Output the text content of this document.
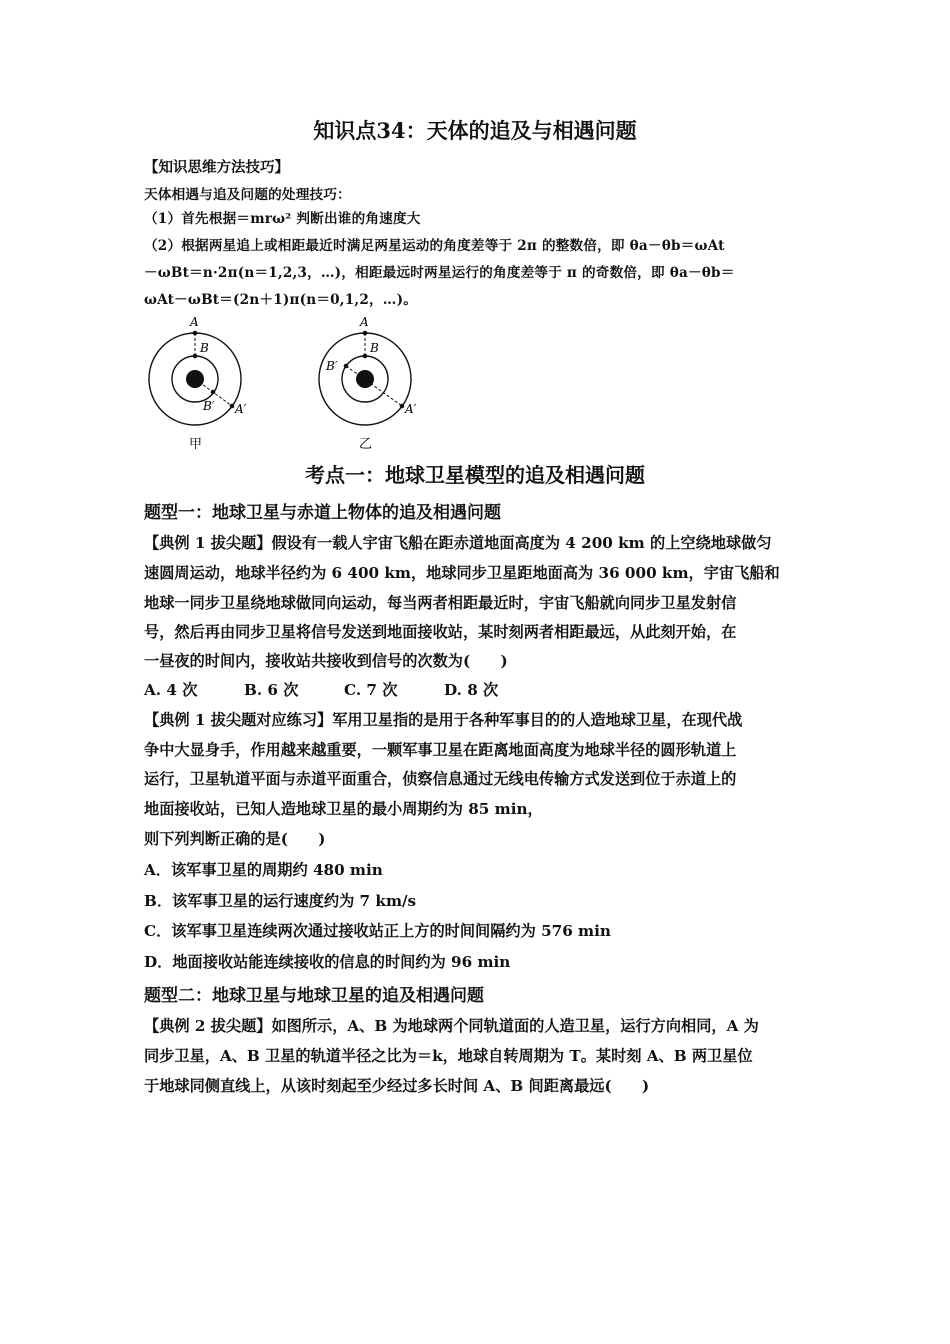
知识点34：天体的追及与相遇问题
【知识思维方法技巧】
天体相遇与追及问题的处理技巧：
（1）首先根据＝mrω² 判断出谁的角速度大
（2）根据两星追上或相距最近时满足两星运动的角度差等于 2π 的整数倍，即 θa－θb＝ωAt
－ωBt＝n·2π(n＝1,2,3，…)，相距最远时两星运行的角度差等于 π 的奇数倍，即 θa－θb＝
ωAt－ωBt＝(2n＋1)π(n＝0,1,2，…)。
A
B
B′ A′
甲
A
B
B′
A′
乙
考点一：地球卫星模型的追及相遇问题
题型一：地球卫星与赤道上物体的追及相遇问题
【典例 1 拔尖题】假设有一载人宇宙飞船在距赤道地面高度为 4 200 km 的上空绕地球做匀
速圆周运动，地球半径约为 6 400 km，地球同步卫星距地面高为 36 000 km，宇宙飞船和
地球一同步卫星绕地球做同向运动，每当两者相距最近时，宇宙飞船就向同步卫星发射信
号，然后再由同步卫星将信号发送到地面接收站，某时刻两者相距最远，从此刻开始，在
一昼夜的时间内，接收站共接收到信号的次数为(　　)
A. 4 次	B. 6 次	C. 7 次	D. 8 次
【典例 1 拔尖题对应练习】军用卫星指的是用于各种军事目的的人造地球卫星，在现代战
争中大显身手，作用越来越重要，一颗军事卫星在距离地面高度为地球半径的圆形轨道上
运行，卫星轨道平面与赤道平面重合，侦察信息通过无线电传输方式发送到位于赤道上的
地面接收站，已知人造地球卫星的最小周期约为 85 min，
则下列判断正确的是(　　)
A．该军事卫星的周期约 480 min
B．该军事卫星的运行速度约为 7 km/s
C．该军事卫星连续两次通过接收站正上方的时间间隔约为 576 min
D．地面接收站能连续接收的信息的时间约为 96 min
题型二：地球卫星与地球卫星的追及相遇问题
【典例 2 拔尖题】如图所示，A、B 为地球两个同轨道面的人造卫星，运行方向相同，A 为
同步卫星，A、B 卫星的轨道半径之比为＝k，地球自转周期为 T。某时刻 A、B 两卫星位
于地球同侧直线上，从该时刻起至少经过多长时间 A、B 间距离最远(　　)
